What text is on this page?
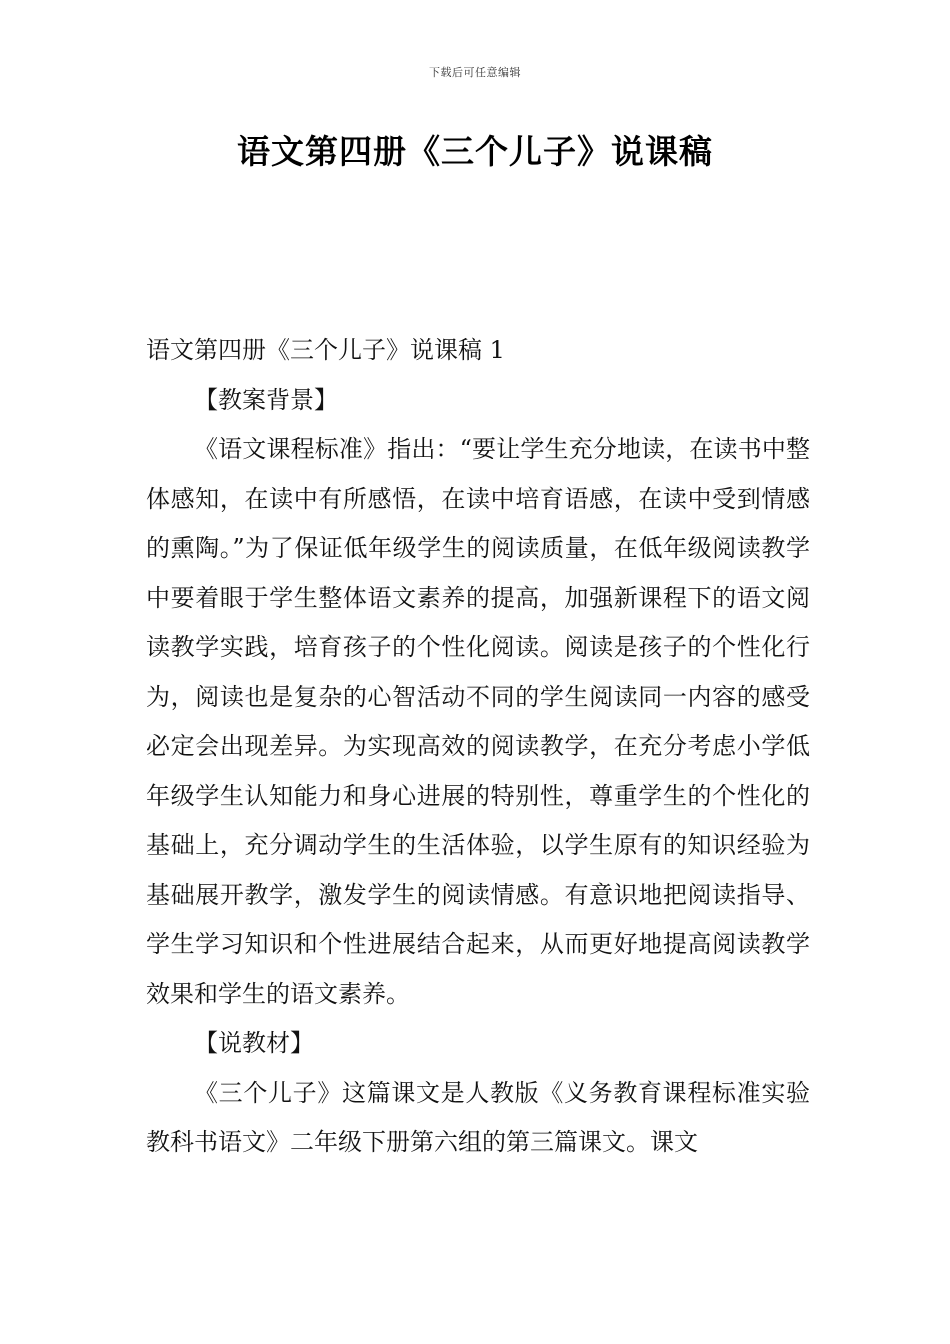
下载后可任意编辑
语文第四册《三个儿子》说课稿

语文第四册《三个儿子》说课稿 1

【教案背景】

《语文课程标准》指出：“要让学生充分地读，在读书中整体感知，在读中有所感悟，在读中培育语感，在读中受到情感的熏陶。”为了保证低年级学生的阅读质量，在低年级阅读教学中要着眼于学生整体语文素养的提高，加强新课程下的语文阅读教学实践，培育孩子的个性化阅读。阅读是孩子的个性化行为，阅读也是复杂的心智活动不同的学生阅读同一内容的感受必定会出现差异。为实现高效的阅读教学，在充分考虑小学低年级学生认知能力和身心进展的特别性，尊重学生的个性化的基础上，充分调动学生的生活体验，以学生原有的知识经验为基础展开教学，激发学生的阅读情感。有意识地把阅读指导、学生学习知识和个性进展结合起来，从而更好地提高阅读教学效果和学生的语文素养。

【说教材】

《三个儿子》这篇课文是人教版《义务教育课程标准实验教科书语文》二年级下册第六组的第三篇课文。课文
